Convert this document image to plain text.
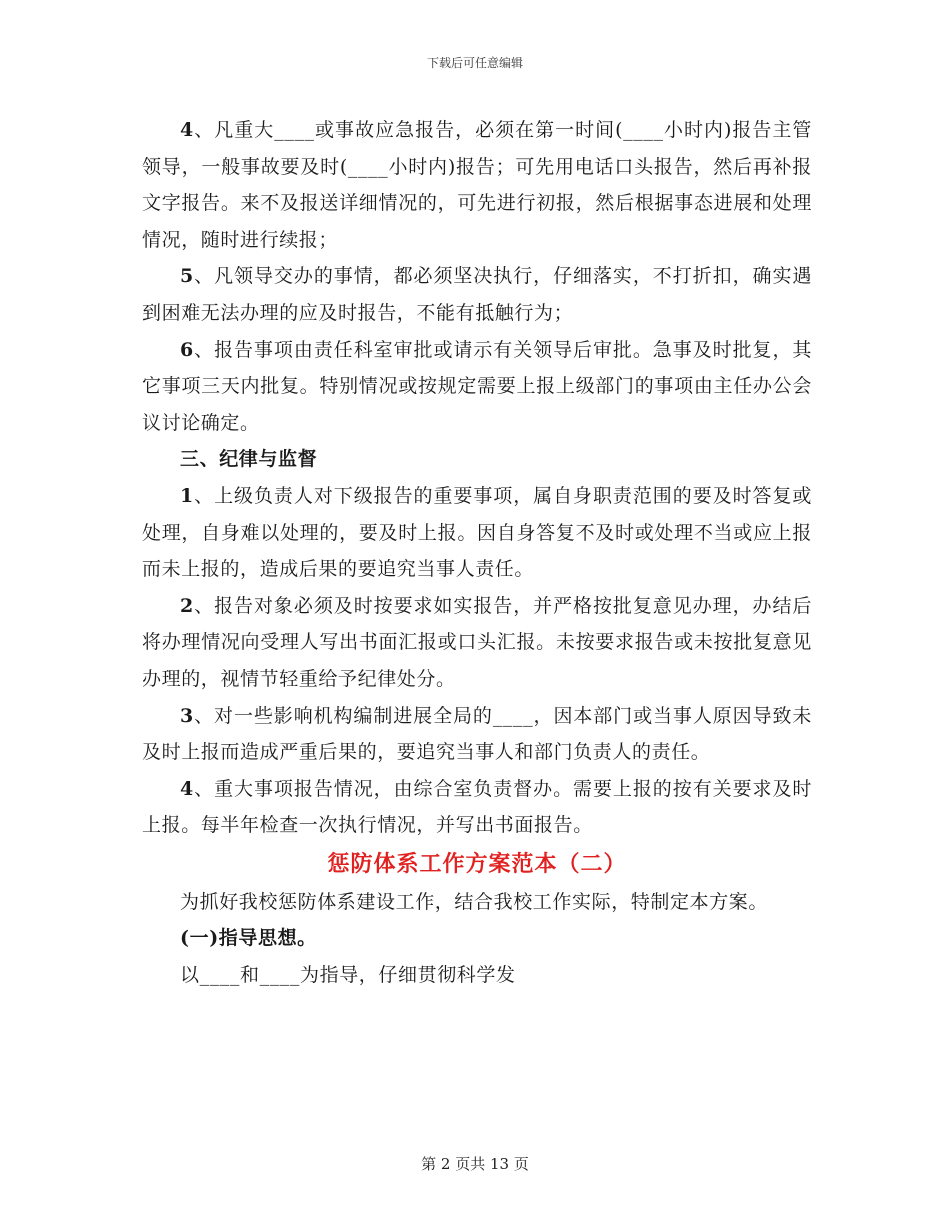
下载后可任意编辑

4、凡重大____或事故应急报告，必须在第一时间(____小时内)报告主管领导，一般事故要及时(____小时内)报告；可先用电话口头报告，然后再补报文字报告。来不及报送详细情况的，可先进行初报，然后根据事态进展和处理情况，随时进行续报；

5、凡领导交办的事情，都必须坚决执行，仔细落实，不打折扣，确实遇到困难无法办理的应及时报告，不能有抵触行为；

6、报告事项由责任科室审批或请示有关领导后审批。急事及时批复，其它事项三天内批复。特别情况或按规定需要上报上级部门的事项由主任办公会议讨论确定。

三、纪律与监督

1、上级负责人对下级报告的重要事项，属自身职责范围的要及时答复或处理，自身难以处理的，要及时上报。因自身答复不及时或处理不当或应上报而未上报的，造成后果的要追究当事人责任。

2、报告对象必须及时按要求如实报告，并严格按批复意见办理，办结后将办理情况向受理人写出书面汇报或口头汇报。未按要求报告或未按批复意见办理的，视情节轻重给予纪律处分。

3、对一些影响机构编制进展全局的____，因本部门或当事人原因导致未及时上报而造成严重后果的，要追究当事人和部门负责人的责任。

4、重大事项报告情况，由综合室负责督办。需要上报的按有关要求及时上报。每半年检查一次执行情况，并写出书面报告。

惩防体系工作方案范本（二）

为抓好我校惩防体系建设工作，结合我校工作实际，特制定本方案。

(一)指导思想。

以____和____为指导，仔细贯彻科学发

第 2 页共 13 页
